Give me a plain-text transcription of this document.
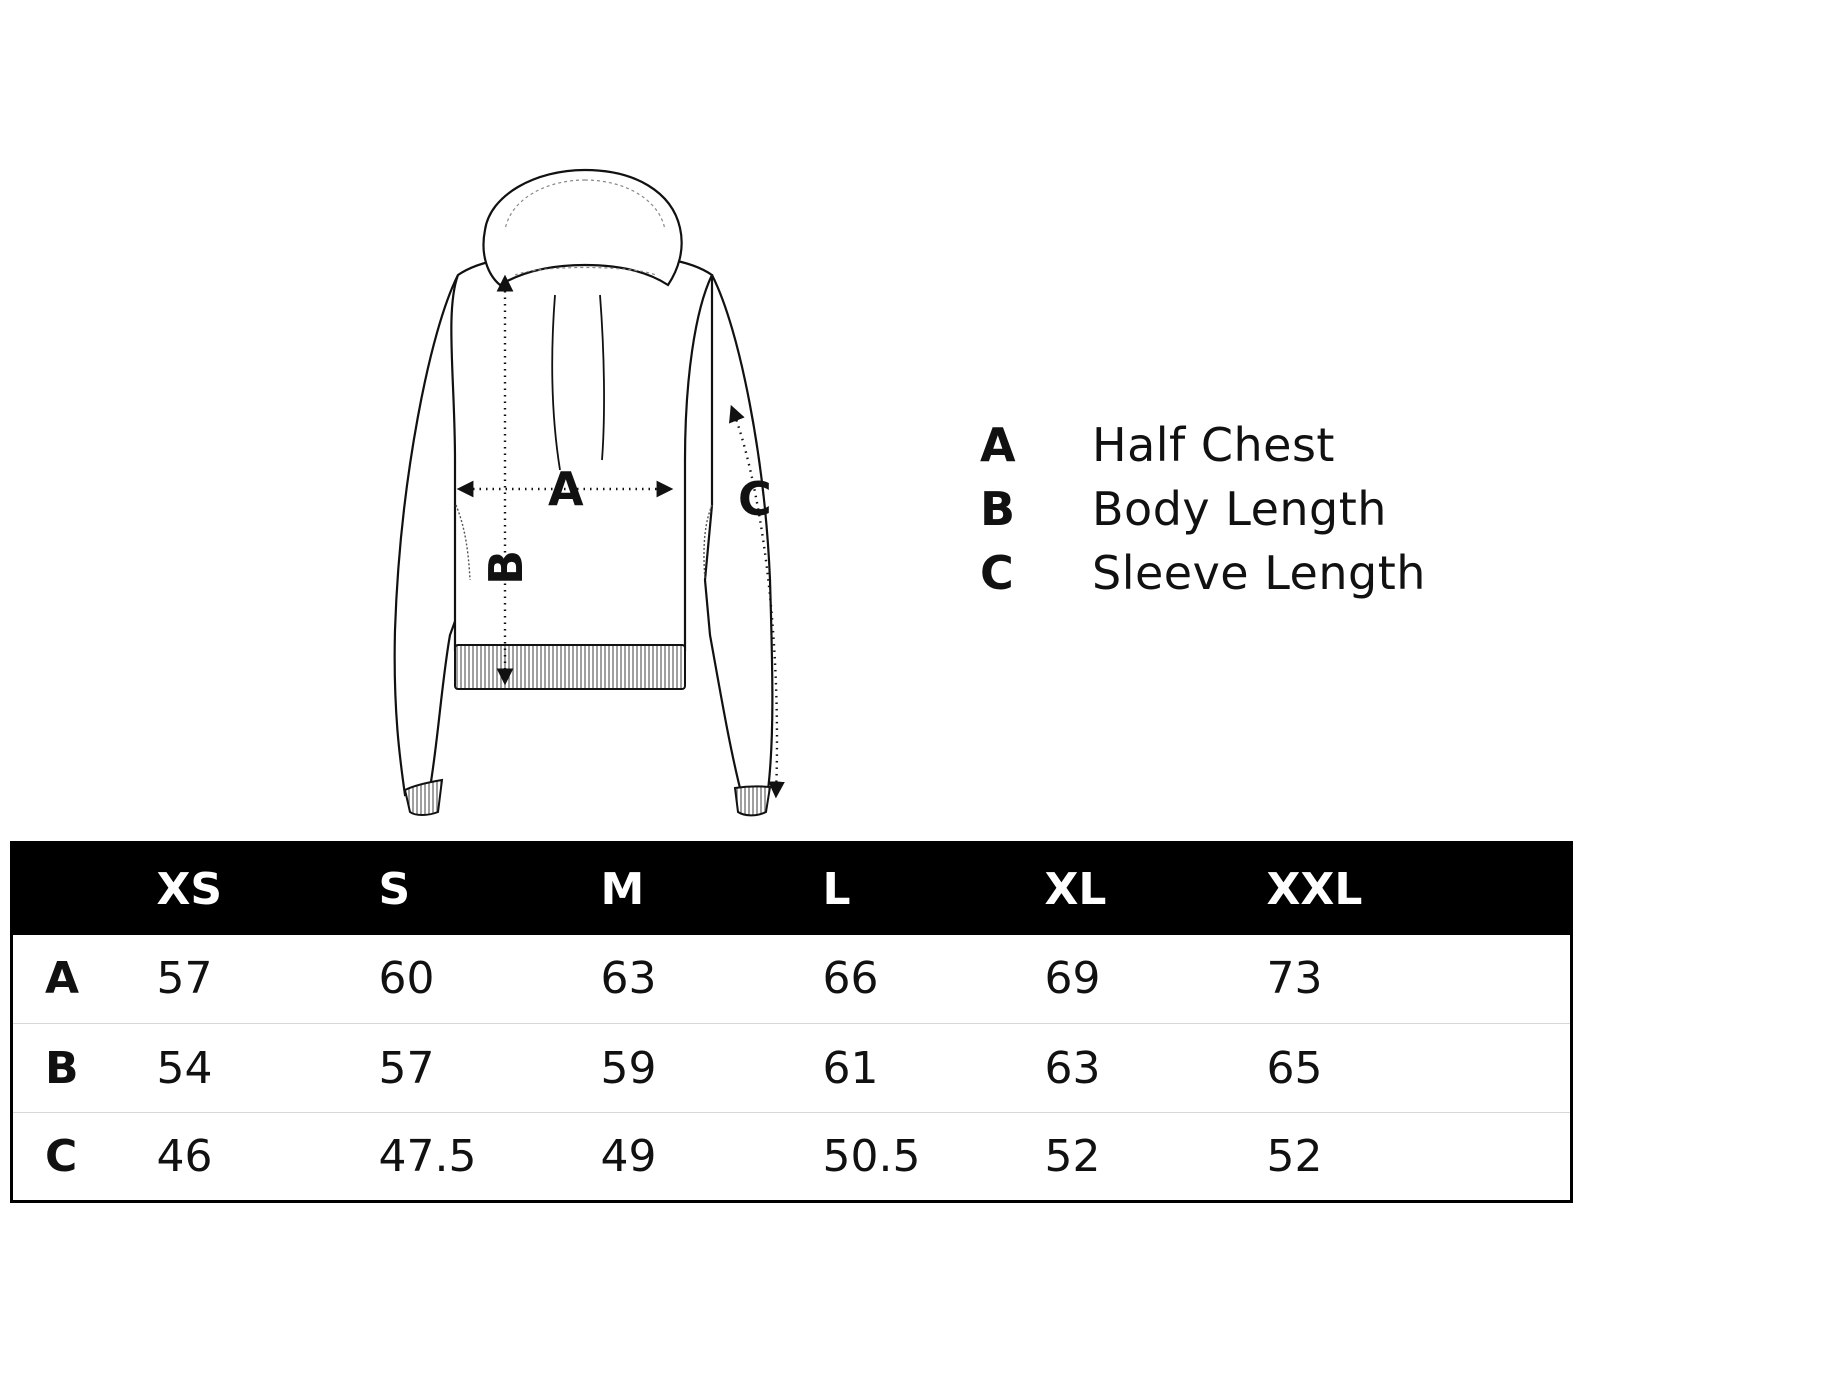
A
B
C
A	Half Chest
B	Body Length
C	Sleeve Length
	XS	S	M	L	XL	XXL
A	57	60	63	66	69	73
B	54	57	59	61	63	65
C	46	47.5	49	50.5	52	52
